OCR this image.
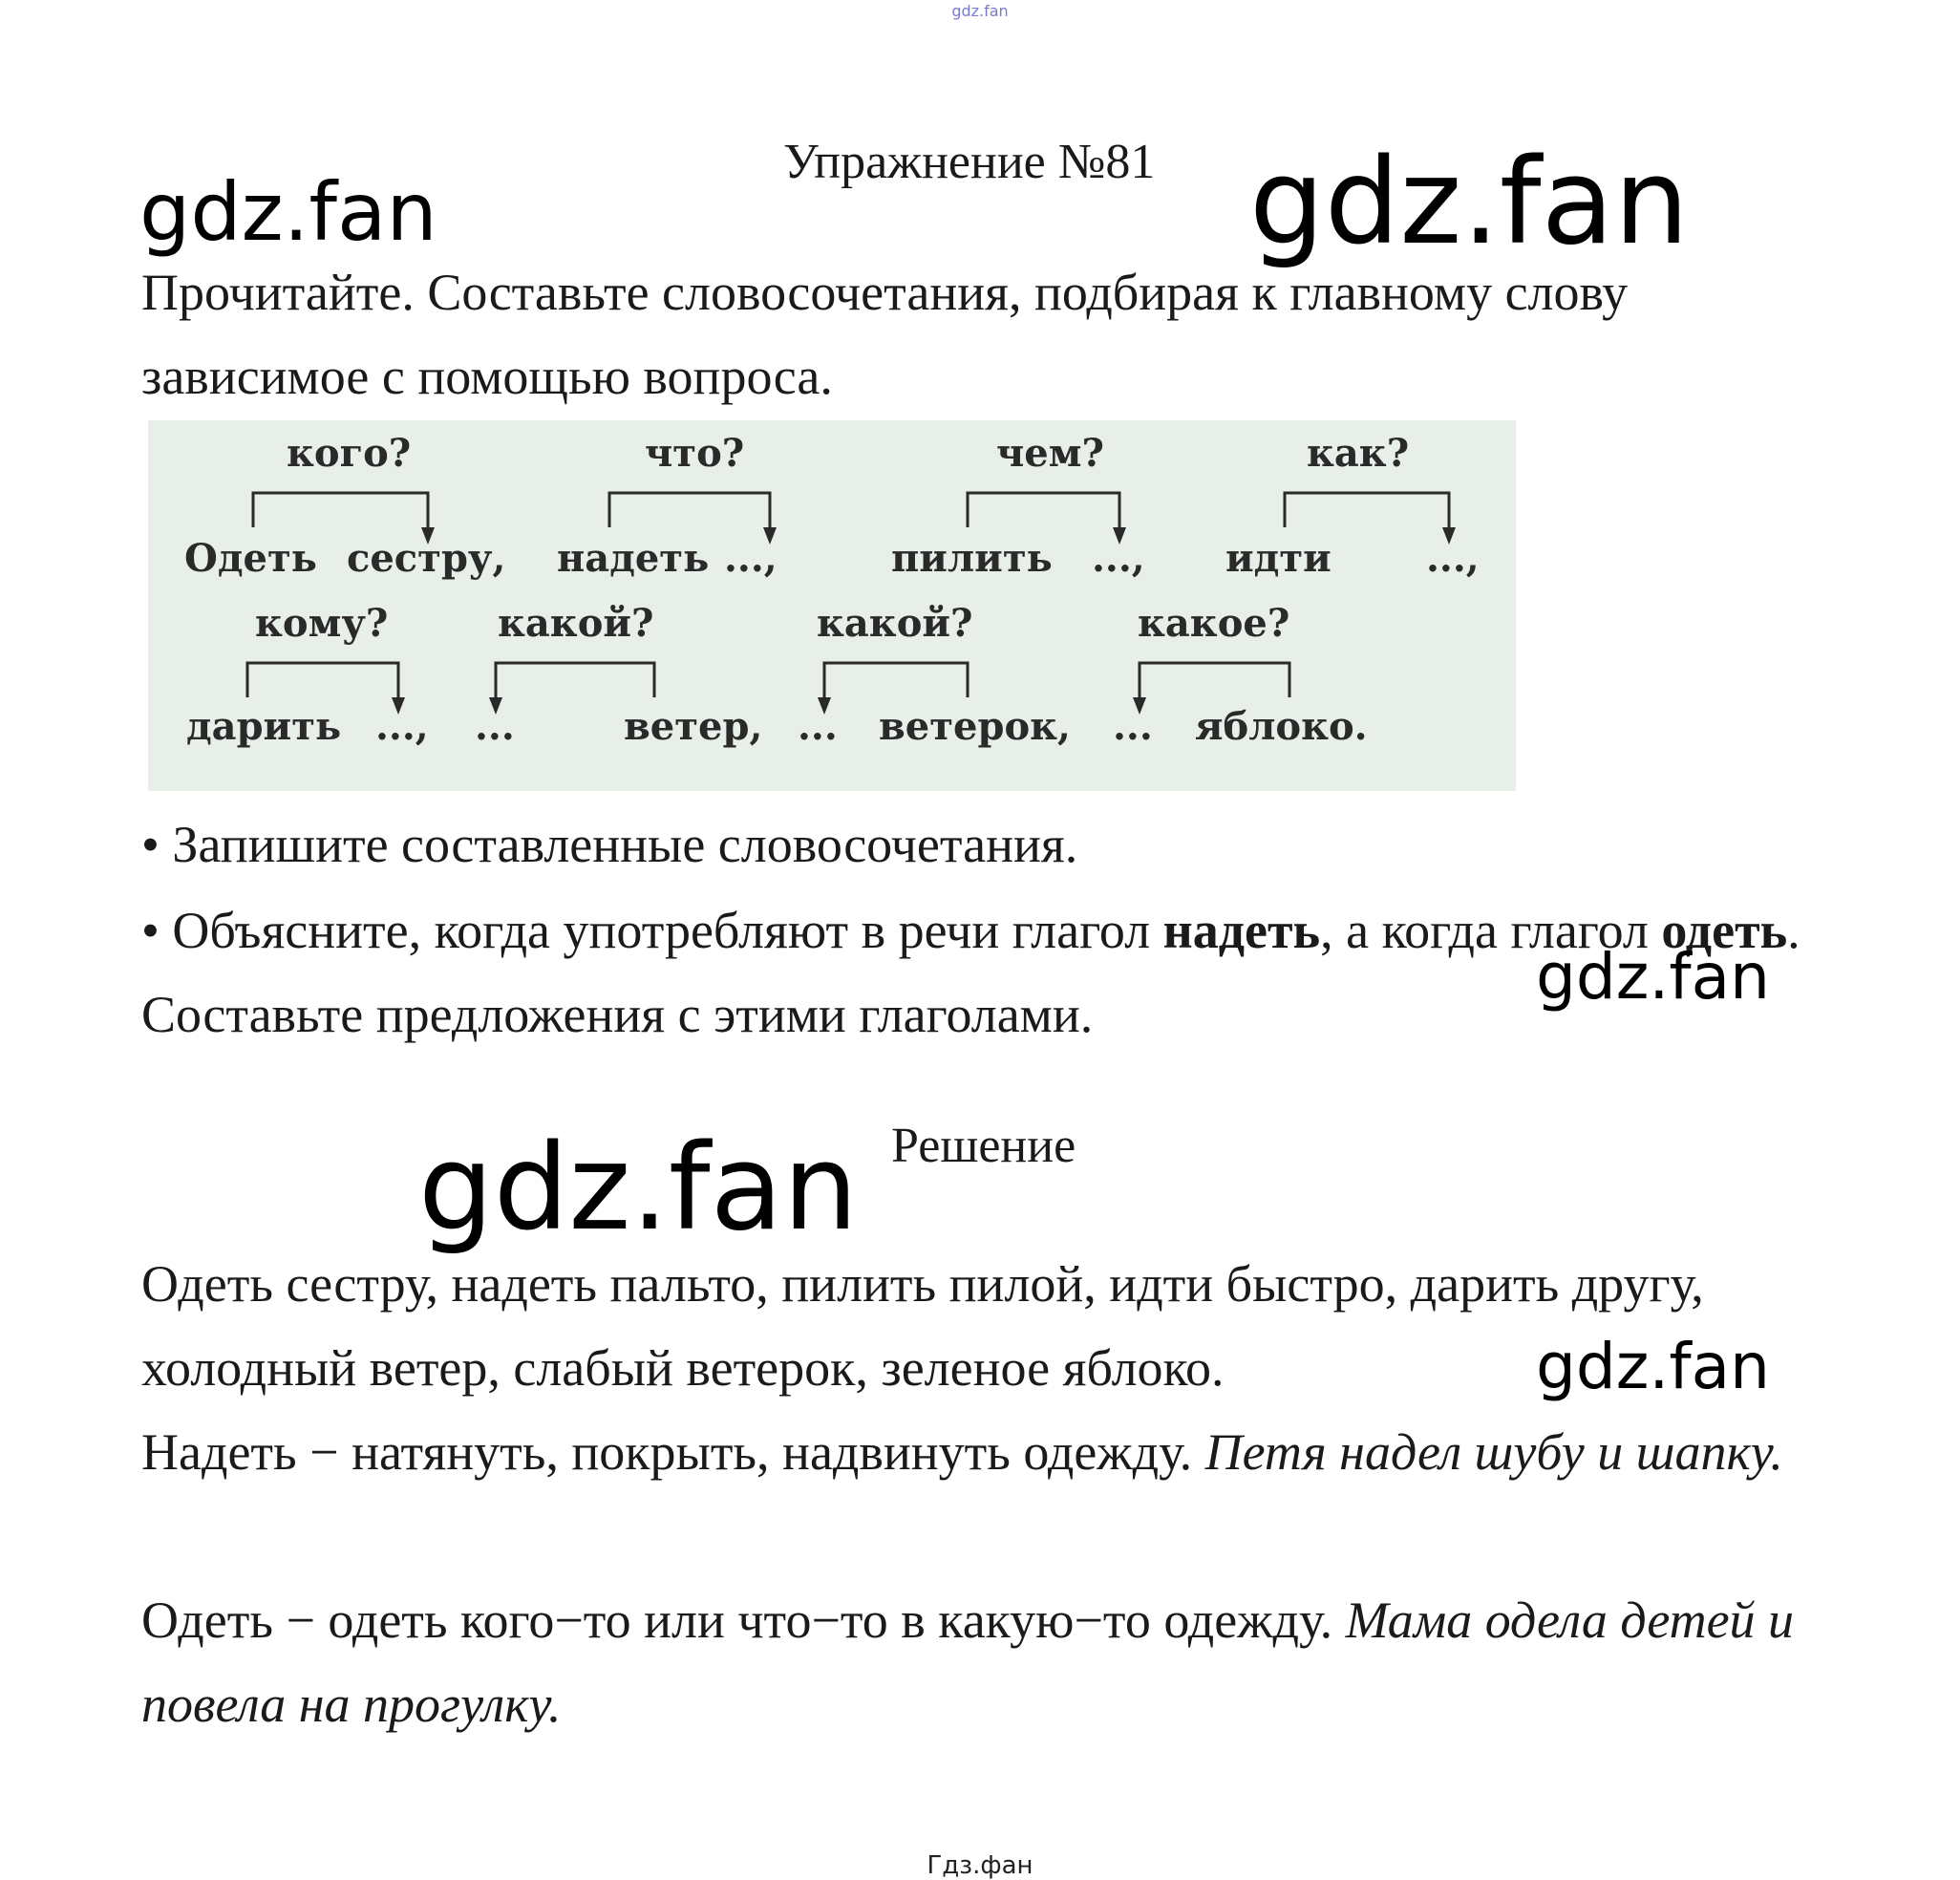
gdz.fan
Упражнение №81
Прочитайте. Составьте словосочетания, подбирая к главному слову зависимое с помощью вопроса.
кого?	что?	чем?	как?
Одеть сестру, надеть ...,	пилить ..., идти ...,
кому?	какой?	какой?	какое?
дарить ..., ...	ветер, ... ветерок, ... яблоко.
• Запишите составленные словосочетания.
• Объясните, когда употребляют в речи глагол надеть, а когда глагол одеть. Составьте предложения с этими глаголами.
Решение
Одеть сестру, надеть пальто, пилить пилой, идти быстро, дарить другу, холодный ветер, слабый ветерок, зеленое яблоко.
Надеть − натянуть, покрыть, надвинуть одежду. Петя надел шубу и шапку.
Одеть − одеть кого−то или что−то в какую−то одежду. Мама одела детей и повела на прогулку.
gdz.fan	gdz.fan
gdz.fan
gdz.fan
gdz.fan
Гдз.фан
